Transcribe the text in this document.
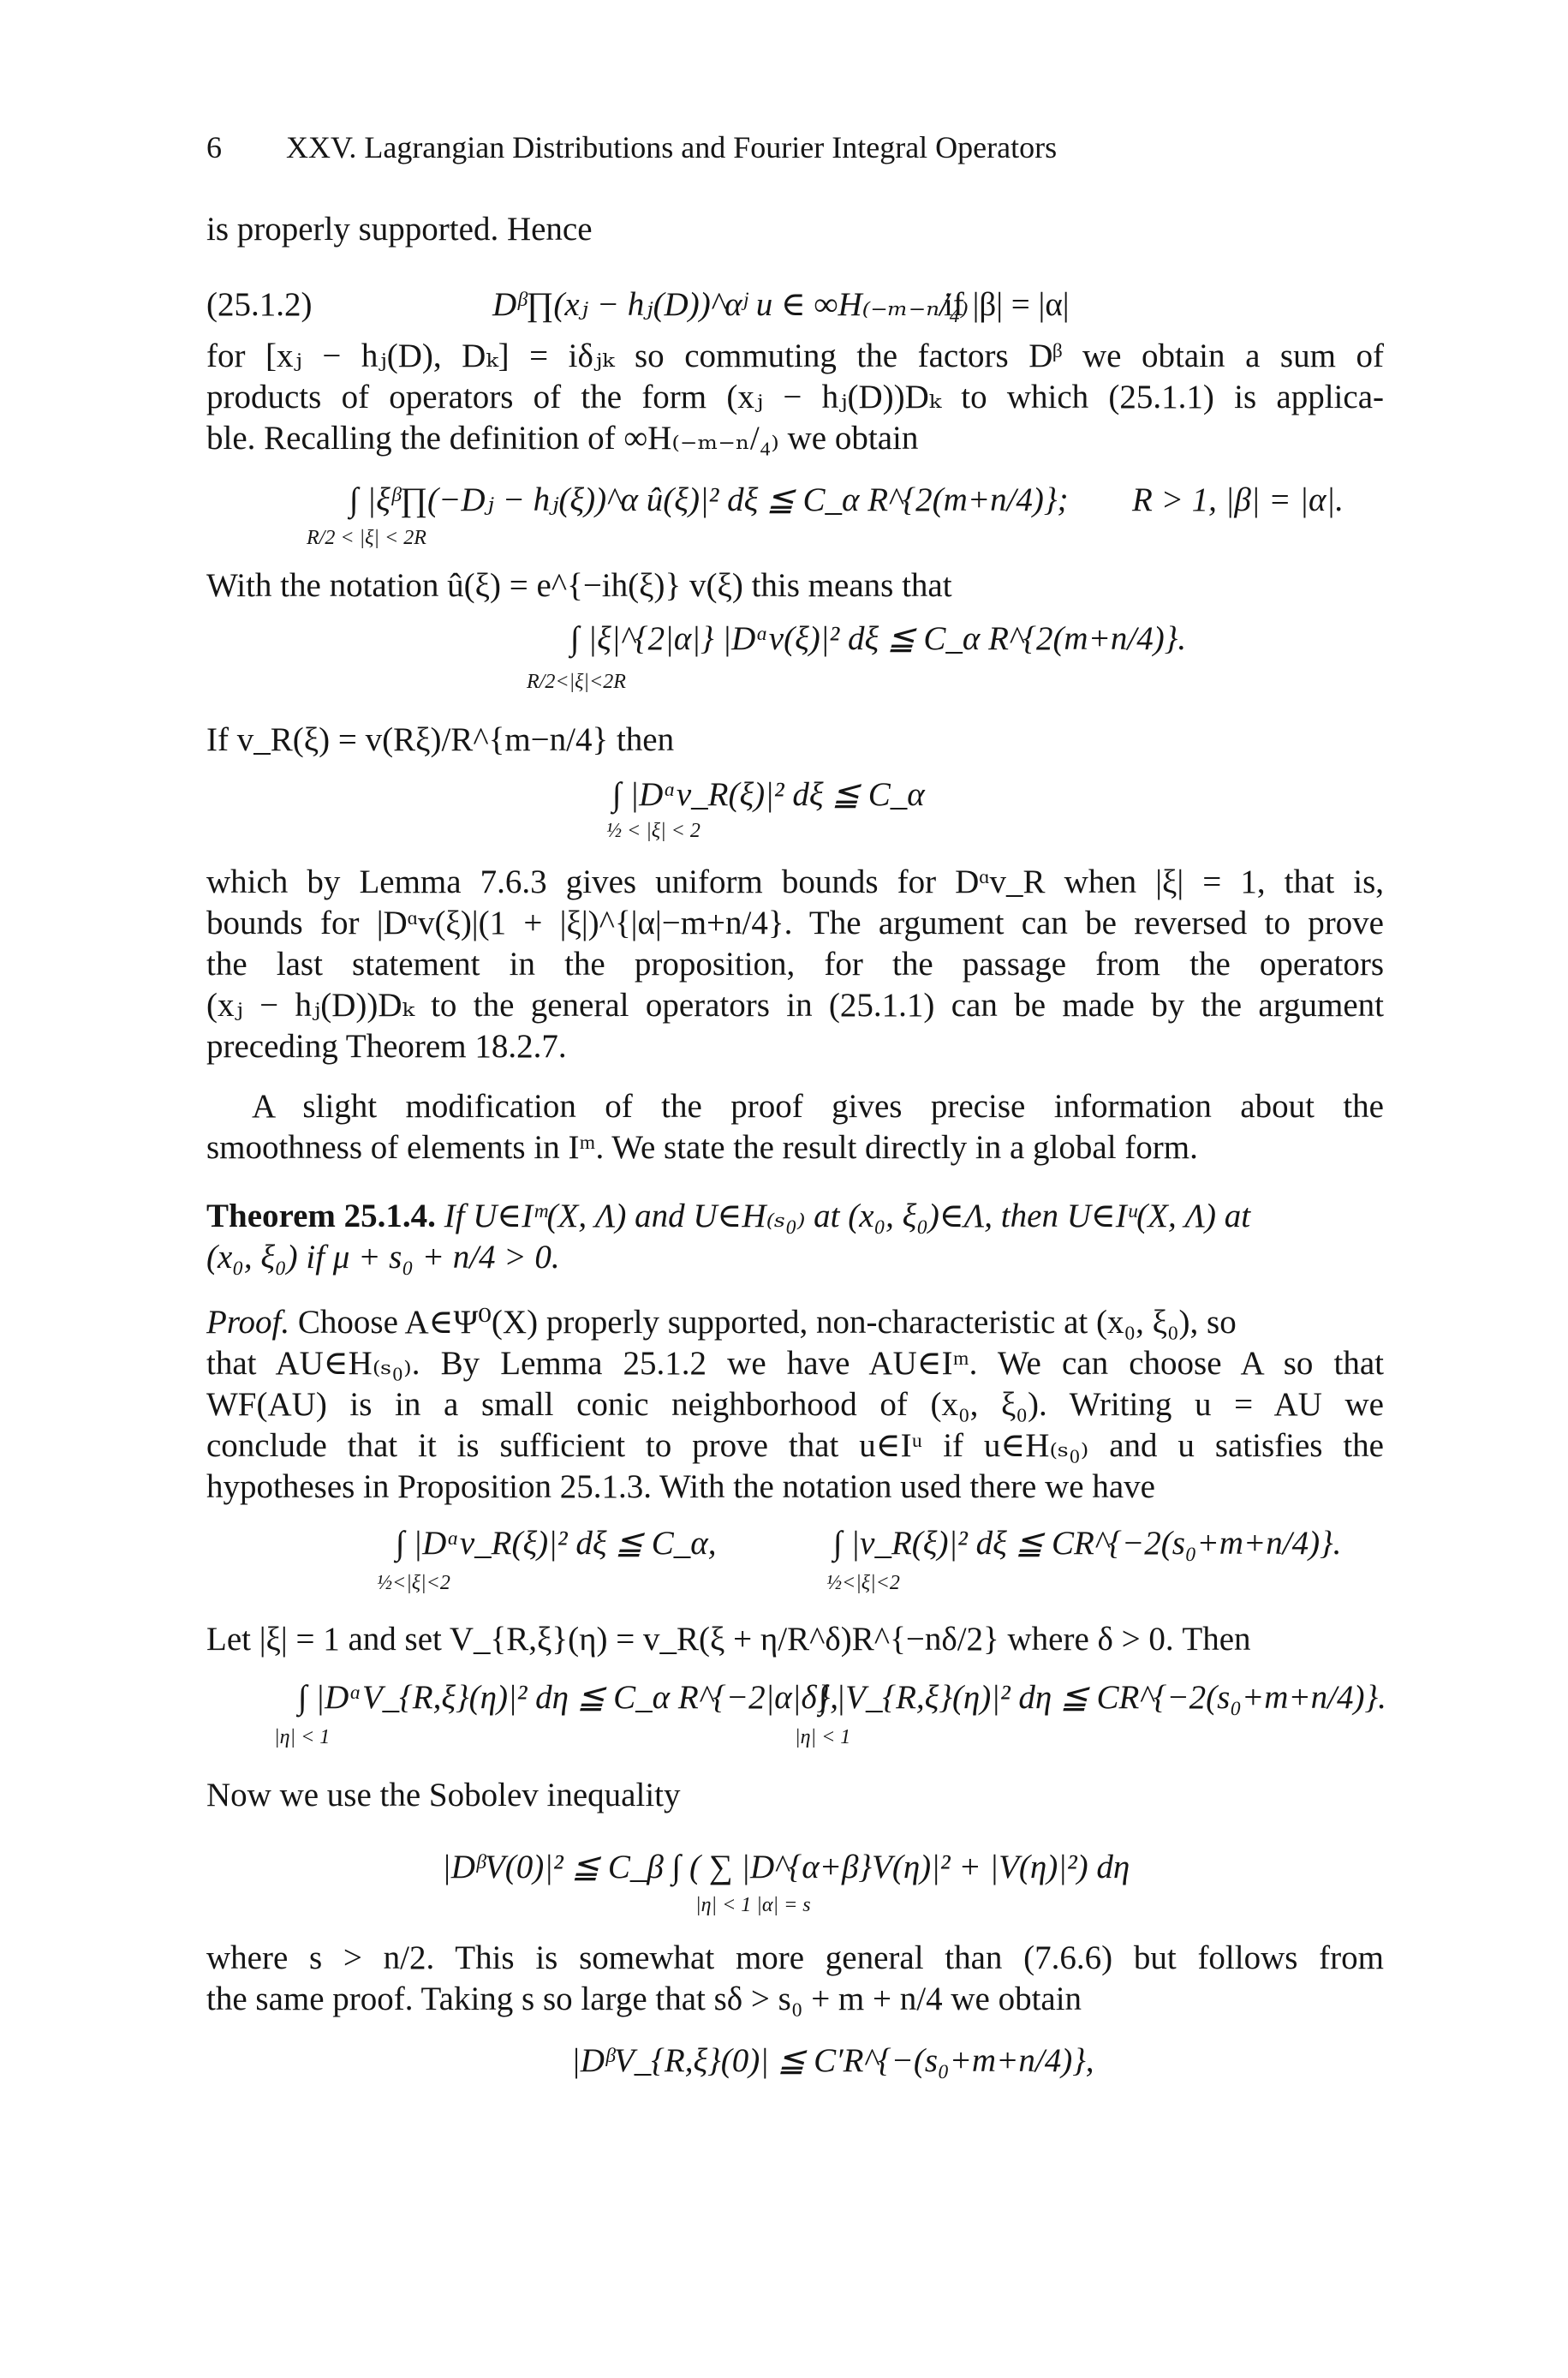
6 XXV. Lagrangian Distributions and Fourier Integral Operators
is properly supported. Hence
(25.1.2)	Dᵝ∏(xⱼ − hⱼ(D))^αʲ u ∈ ∞H₍₋ₘ₋ₙ/₄₎
if |β| = |α|
for [xⱼ − hⱼ(D), Dₖ] = iδⱼₖ so commuting the factors Dᵝ we obtain a sum of
products of operators of the form (xⱼ − hⱼ(D))Dₖ to which (25.1.1) is applica-
ble. Recalling the definition of ∞H₍₋ₘ₋ₙ/₄₎ we obtain
∫ |ξᵝ∏(−Dⱼ − hⱼ(ξ))^α û(ξ)|² dξ ≦ C_α R^{2(m+n/4)};
R/2 < |ξ| < 2R
R > 1, |β| = |α|.
With the notation û(ξ) = e^{−ih(ξ)} v(ξ) this means that
∫ |ξ|^{2|α|} |Dᵅv(ξ)|² dξ ≦ C_α R^{2(m+n/4)}.
R/2<|ξ|<2R
If v_R(ξ) = v(Rξ)/R^{m−n/4} then
∫ |Dᵅv_R(ξ)|² dξ ≦ C_α
½ < |ξ| < 2
which by Lemma 7.6.3 gives uniform bounds for Dᵅv_R when |ξ| = 1, that is,
bounds for |Dᵅv(ξ)|(1 + |ξ|)^{|α|−m+n/4}. The argument can be reversed to prove
the last statement in the proposition, for the passage from the operators
(xⱼ − hⱼ(D))Dₖ to the general operators in (25.1.1) can be made by the argument
preceding Theorem 18.2.7.
A slight modification of the proof gives precise information about the
smoothness of elements in Iᵐ. We state the result directly in a global form.
Theorem 25.1.4. If U∈Iᵐ(X, Λ) and U∈H₍ₛ₀₎ at (x₀, ξ₀)∈Λ, then U∈Iᵘ(X, Λ) at
(x₀, ξ₀) if μ + s₀ + n/4 > 0.
Proof. Choose A∈Ψ⁰(X) properly supported, non-characteristic at (x₀, ξ₀), so
that AU∈H₍ₛ₀₎. By Lemma 25.1.2 we have AU∈Iᵐ. We can choose A so that
WF(AU) is in a small conic neighborhood of (x₀, ξ₀). Writing u = AU we
conclude that it is sufficient to prove that u∈Iᵘ if u∈H₍ₛ₀₎ and u satisfies the
hypotheses in Proposition 25.1.3. With the notation used there we have
∫ |Dᵅv_R(ξ)|² dξ ≦ C_α,
½<|ξ|<2
∫ |v_R(ξ)|² dξ ≦ CR^{−2(s₀+m+n/4)}.
½<|ξ|<2
Let |ξ| = 1 and set V_{R,ξ}(η) = v_R(ξ + η/R^δ)R^{−nδ/2} where δ > 0. Then
∫ |DᵅV_{R,ξ}(η)|² dη ≦ C_α R^{−2|α|δ},
|η| < 1
∫ |V_{R,ξ}(η)|² dη ≦ CR^{−2(s₀+m+n/4)}.
|η| < 1
Now we use the Sobolev inequality
|DᵝV(0)|² ≦ C_β ∫ ( ∑ |D^{α+β}V(η)|² + |V(η)|²) dη
|η| < 1 |α| = s
where s > n/2. This is somewhat more general than (7.6.6) but follows from
the same proof. Taking s so large that sδ > s₀ + m + n/4 we obtain
|DᵝV_{R,ξ}(0)| ≦ C′R^{−(s₀+m+n/4)},
